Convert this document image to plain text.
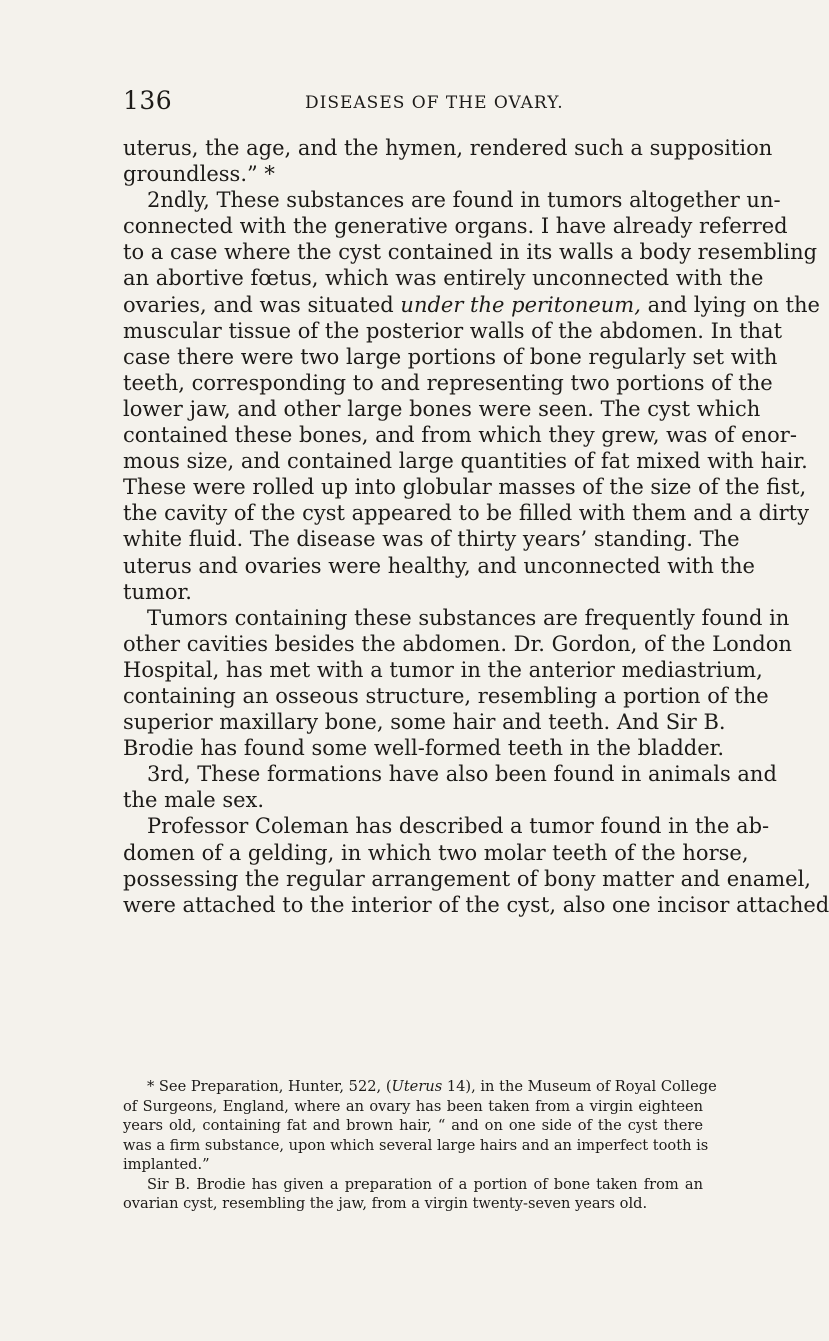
136	DISEASES OF THE OVARY.
uterus, the age, and the hymen, rendered such a supposition
groundless.” *
2ndly, These substances are found in tumors altogether un-
connected with the generative organs. I have already referred
to a case where the cyst contained in its walls a body resembling
an abortive fœtus, which was entirely unconnected with the
ovaries, and was situated under the peritoneum, and lying on the
muscular tissue of the posterior walls of the abdomen. In that
case there were two large portions of bone regularly set with
teeth, corresponding to and representing two portions of the
lower jaw, and other large bones were seen. The cyst which
contained these bones, and from which they grew, was of enor-
mous size, and contained large quantities of fat mixed with hair.
These were rolled up into globular masses of the size of the fist,
the cavity of the cyst appeared to be filled with them and a dirty
white fluid. The disease was of thirty years’ standing. The
uterus and ovaries were healthy, and unconnected with the
tumor.
Tumors containing these substances are frequently found in
other cavities besides the abdomen. Dr. Gordon, of the London
Hospital, has met with a tumor in the anterior mediastrium,
containing an osseous structure, resembling a portion of the
superior maxillary bone, some hair and teeth. And Sir B.
Brodie has found some well-formed teeth in the bladder.
3rd, These formations have also been found in animals and
the male sex.
Professor Coleman has described a tumor found in the ab-
domen of a gelding, in which two molar teeth of the horse,
possessing the regular arrangement of bony matter and enamel,
were attached to the interior of the cyst, also one incisor attached
* See Preparation, Hunter, 522, (Uterus 14), in the Museum of Royal College
of Surgeons, England, where an ovary has been taken from a virgin eighteen
years old, containing fat and brown hair, “ and on one side of the cyst there
was a firm substance, upon which several large hairs and an imperfect tooth is
implanted.”
Sir B. Brodie has given a preparation of a portion of bone taken from an
ovarian cyst, resembling the jaw, from a virgin twenty-seven years old.
